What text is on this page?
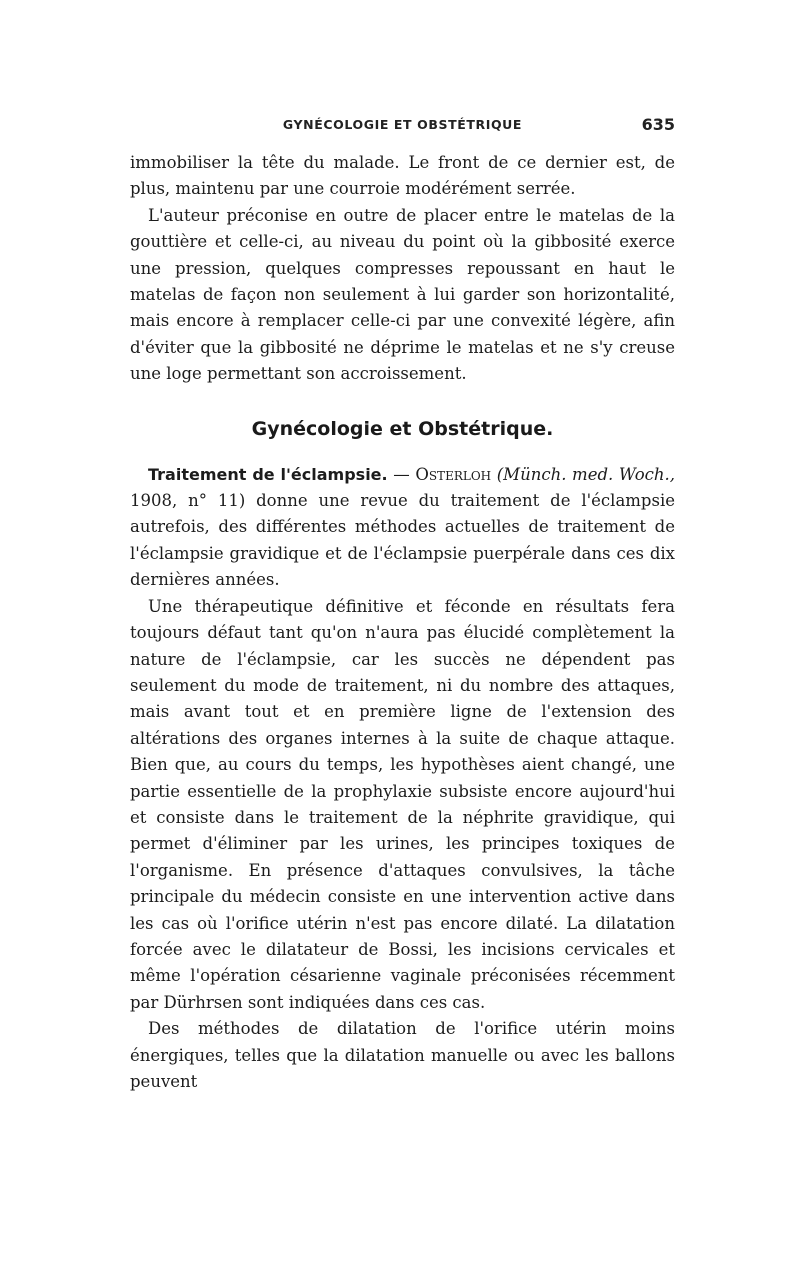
GYNÉCOLOGIE ET OBSTÉTRIQUE	635

immobiliser la tête du malade. Le front de ce dernier est, de plus, maintenu par une courroie modérément serrée.

L'auteur préconise en outre de placer entre le matelas de la gouttière et celle-ci, au niveau du point où la gibbosité exerce une pression, quelques compresses repoussant en haut le matelas de façon non seulement à lui garder son horizontalité, mais encore à remplacer celle-ci par une convexité légère, afin d'éviter que la gibbosité ne déprime le matelas et ne s'y creuse une loge permettant son accroissement.

Gynécologie et Obstétrique.

Traitement de l'éclampsie. — Osterloh (Münch. med. Woch., 1908, n° 11) donne une revue du traitement de l'éclampsie autrefois, des différentes méthodes actuelles de traitement de l'éclampsie gravidique et de l'éclampsie puerpérale dans ces dix dernières années.

Une thérapeutique définitive et féconde en résultats fera toujours défaut tant qu'on n'aura pas élucidé complètement la nature de l'éclampsie, car les succès ne dépendent pas seulement du mode de traitement, ni du nombre des attaques, mais avant tout et en première ligne de l'extension des altérations des organes internes à la suite de chaque attaque. Bien que, au cours du temps, les hypothèses aient changé, une partie essentielle de la prophylaxie subsiste encore aujourd'hui et consiste dans le traitement de la néphrite gravidique, qui permet d'éliminer par les urines, les principes toxiques de l'organisme. En présence d'attaques convulsives, la tâche principale du médecin consiste en une intervention active dans les cas où l'orifice utérin n'est pas encore dilaté. La dilatation forcée avec le dilatateur de Bossi, les incisions cervicales et même l'opération césarienne vaginale préconisées récemment par Dürhrsen sont indiquées dans ces cas.

Des méthodes de dilatation de l'orifice utérin moins énergiques, telles que la dilatation manuelle ou avec les ballons peuvent
